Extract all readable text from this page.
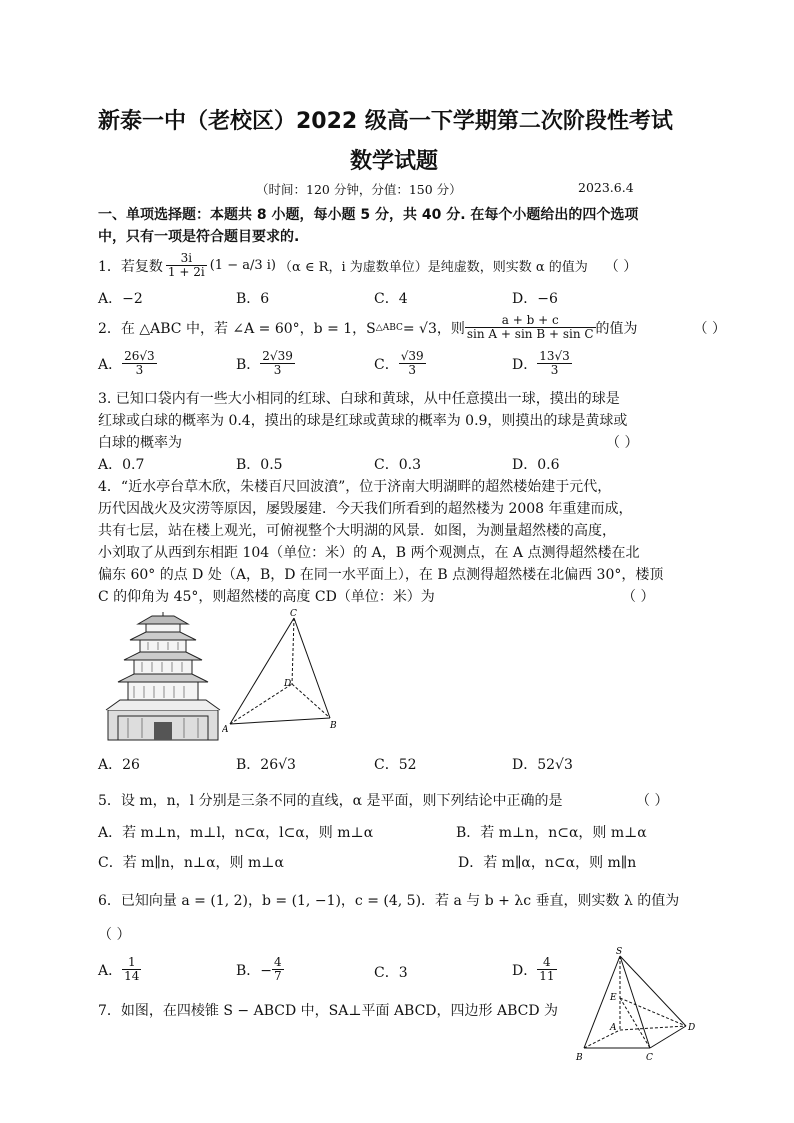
新泰一中（老校区）2022 级高一下学期第二次阶段性考试
数学试题
（时间：120 分钟，分值：150 分）	2023.6.4
一、单项选择题：本题共 8 小题，每小题 5 分，共 40 分. 在每个小题给出的四个选项
中，只有一项是符合题目要求的.
1．若复数 $\frac{3i}{1 + 2i} (1 - a/3$ i) （α ∈ R，i 为虚数单位）是纯虚数，则实数 α 的值为 （ ）
A．−2	B．6	C．4	D．−6
2．在 △ABC 中，若 ∠A = 60°，b = 1，S △ABC = √3，则 $\frac{a + b + c}{\text{sin A + sin B + sin C}}$ 的值为	（ ）
A． $\frac{26√3}{3}$	B． $\frac{2√39}{3}$	C． $\frac{√39}{3}$	D． $\frac{13√3}{3}$
3. 已知口袋内有一些大小相同的红球、白球和黄球，从中任意摸出一球，摸出的球是
红球或白球的概率为 0.4，摸出的球是红球或黄球的概率为 0.9，则摸出的球是黄球或
白球的概率为	（ ）
A．0.7	B．0.5	C．0.3	D．0.6
4．“近水亭台草木欣，朱楼百尺回波濆”，位于济南大明湖畔的超然楼始建于元代，
历代因战火及灾涝等原因，屡毁屡建．今天我们所看到的超然楼为 2008 年重建而成，
共有七层，站在楼上观光，可俯视整个大明湖的风景．如图，为测量超然楼的高度，
小刘取了从西到东相距 104（单位：米）的 A，B 两个观测点，在 A 点测得超然楼在北
偏东 60° 的点 D 处（A，B，D 在同一水平面上），在 B 点测得超然楼在北偏西 30°，楼顶
C 的仰角为 45°，则超然楼的高度 CD（单位：米）为	（ ）
C
D
A	B
A．26	B．26√3	C．52	D．52√3
5．设 m，n，l 分别是三条不同的直线，α 是平面，则下列结论中正确的是	（ ）
A．若 m⊥n，m⊥l，n⊂α，l⊂α，则 m⊥α	B．若 m⊥n，n⊂α，则 m⊥α
C．若 m∥n，n⊥α，则 m⊥α	D．若 m∥α，n⊂α，则 m∥n
6．已知向量 a = (1, 2)，b = (1, −1)，c = (4, 5)．若 a 与 b + λc 垂直，则实数 λ 的值为
（ ）
A． $\frac{1}{14}$	B．− $\frac{4}{7}$	C．3	D． $\frac{4}{11}$
7．如图，在四棱锥 S − ABCD 中，SA⊥平面 ABCD，四边形 ABCD 为
S
E
A
B	C
D
